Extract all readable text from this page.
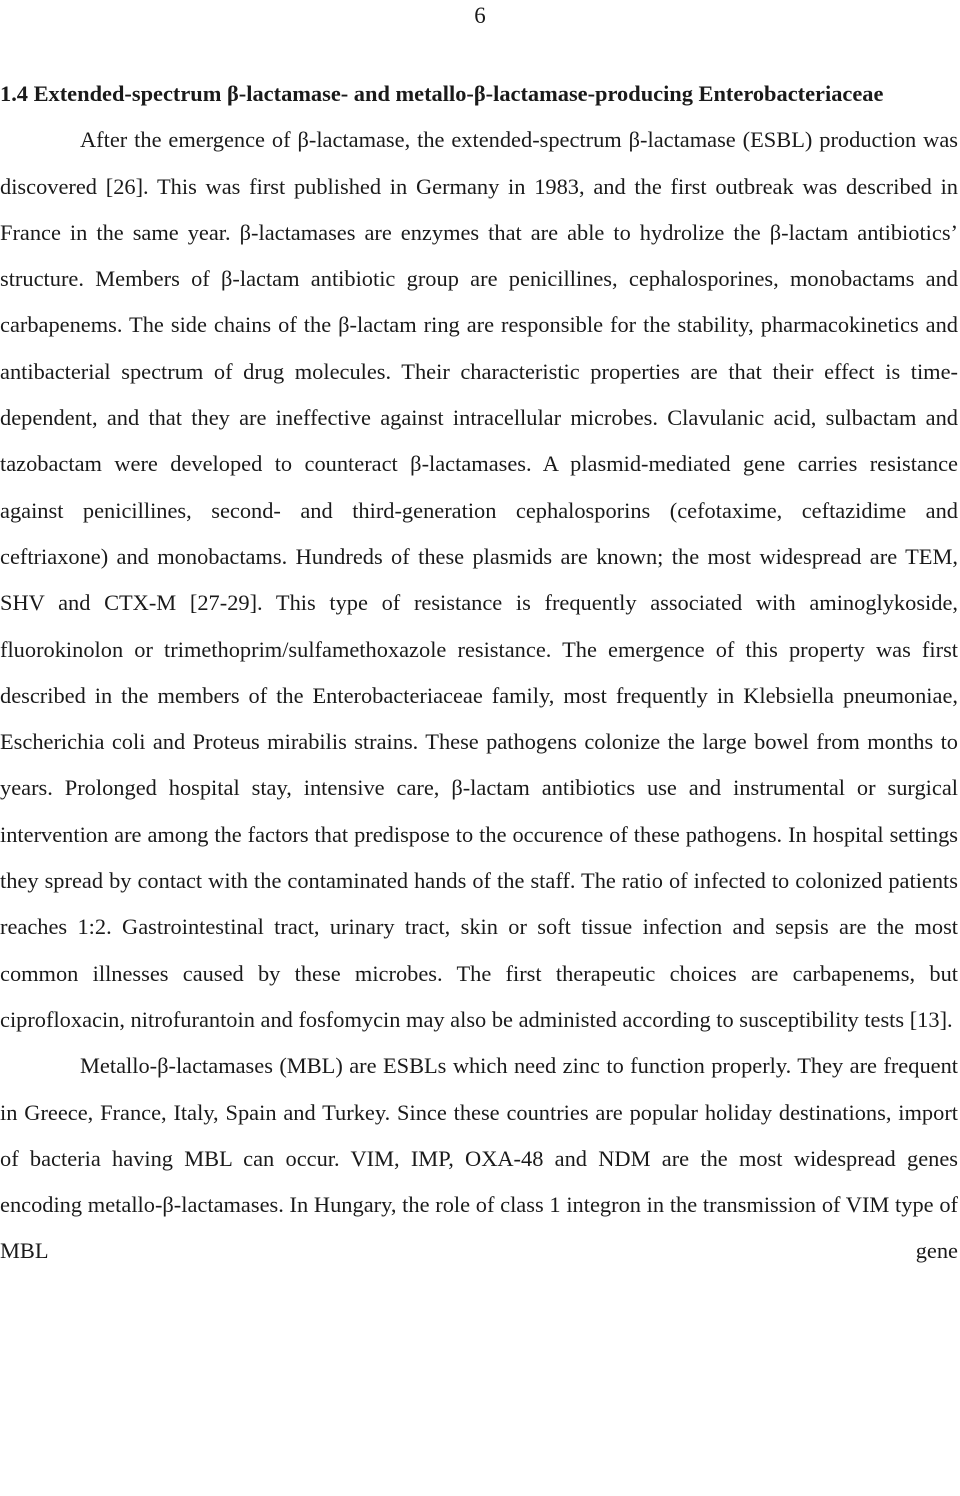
6

1.4 Extended-spectrum β-lactamase- and metallo-β-lactamase-producing Enterobacteriaceae

After the emergence of β-lactamase, the extended-spectrum β-lactamase (ESBL) production was discovered [26]. This was first published in Germany in 1983, and the first outbreak was described in France in the same year. β-lactamases are enzymes that are able to hydrolize the β-lactam antibiotics’ structure. Members of β-lactam antibiotic group are penicillines, cephalosporines, monobactams and carbapenems. The side chains of the β-lactam ring are responsible for the stability, pharmacokinetics and antibacterial spectrum of drug molecules. Their characteristic properties are that their effect is time-dependent, and that they are ineffective against intracellular microbes. Clavulanic acid, sulbactam and tazobactam were developed to counteract β-lactamases. A plasmid-mediated gene carries resistance against penicillines, second- and third-generation cephalosporins (cefotaxime, ceftazidime and ceftriaxone) and monobactams. Hundreds of these plasmids are known; the most widespread are TEM, SHV and CTX-M [27-29]. This type of resistance is frequently associated with aminoglykoside, fluorokinolon or trimethoprim/sulfamethoxazole resistance. The emergence of this property was first described in the members of the Enterobacteriaceae family, most frequently in Klebsiella pneumoniae, Escherichia coli and Proteus mirabilis strains. These pathogens colonize the large bowel from months to years. Prolonged hospital stay, intensive care, β-lactam antibiotics use and instrumental or surgical intervention are among the factors that predispose to the occurence of these pathogens. In hospital settings they spread by contact with the contaminated hands of the staff. The ratio of infected to colonized patients reaches 1:2. Gastrointestinal tract, urinary tract, skin or soft tissue infection and sepsis are the most common illnesses caused by these microbes. The first therapeutic choices are carbapenems, but ciprofloxacin, nitrofurantoin and fosfomycin may also be administed according to susceptibility tests [13].

Metallo-β-lactamases (MBL) are ESBLs which need zinc to function properly. They are frequent in Greece, France, Italy, Spain and Turkey. Since these countries are popular holiday destinations, import of bacteria having MBL can occur. VIM, IMP, OXA-48 and NDM are the most widespread genes encoding metallo-β-lactamases. In Hungary, the role of class 1 integron in the transmission of VIM type of MBL gene
